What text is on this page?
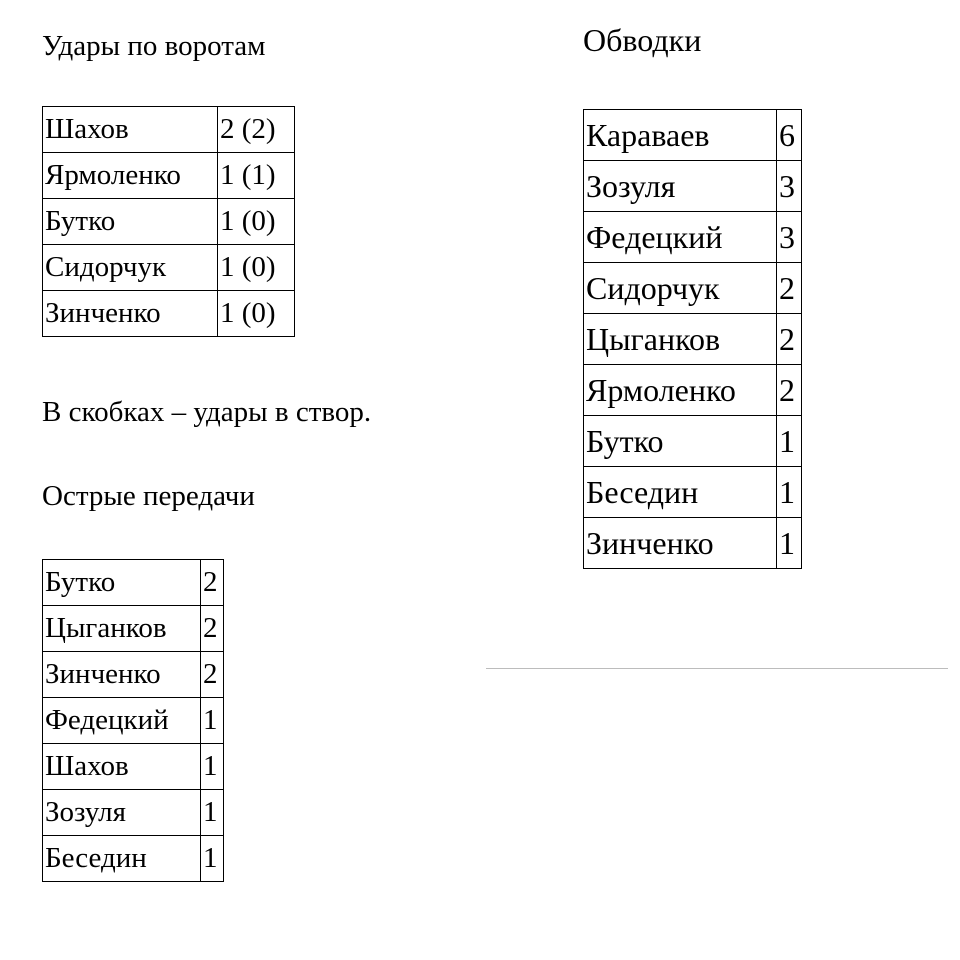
Удары по воротам
Шахов	2 (2)
Ярмоленко	1 (1)
Бутко	1 (0)
Сидорчук	1 (0)
Зинченко	1 (0)

В скобках – удары в створ.

Острые передачи
Бутко	2
Цыганков	2
Зинченко	2
Федецкий	1
Шахов	1
Зозуля	1
Беседин	1
Обводки
Караваев	6
Зозуля	3
Федецкий	3
Сидорчук	2
Цыганков	2
Ярмоленко	2
Бутко	1
Беседин	1
Зинченко	1
